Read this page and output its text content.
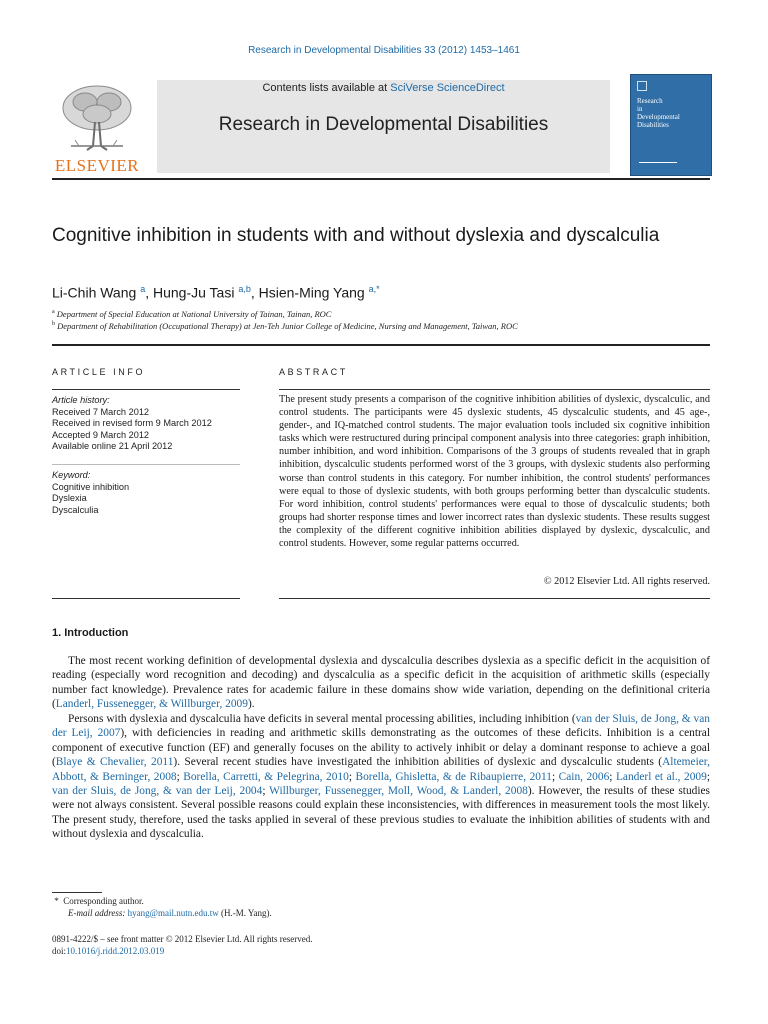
Research in Developmental Disabilities 33 (2012) 1453–1461
ELSEVIER
Contents lists available at SciVerse ScienceDirect
Research in Developmental Disabilities
Research
in
Developmental
Disabilities
Cognitive inhibition in students with and without dyslexia and dyscalculia
Li-Chih Wang $^a$, Hung-Ju Tasi $^{a,b}$, Hsien-Ming Yang $^{a,*}$
$^a$ Department of Special Education at National University of Tainan, Tainan, ROC
$^b$ Department of Rehabilitation (Occupational Therapy) at Jen-Teh Junior College of Medicine, Nursing and Management, Taiwan, ROC
ARTICLE INFO
Article history:
Received 7 March 2012
Received in revised form 9 March 2012
Accepted 9 March 2012
Available online 21 April 2012
Keyword:
Cognitive inhibition
Dyslexia
Dyscalculia
ABSTRACT
The present study presents a comparison of the cognitive inhibition abilities of dyslexic, dyscalculic, and control students. The participants were 45 dyslexic students, 45 dyscalculic students, and 45 age-, gender-, and IQ-matched control students. The major evaluation tools included six cognitive inhibition tasks which were restructured during principal component analysis into three categories: graph inhibition, number inhibition, and word inhibition. Comparisons of the 3 groups of students revealed that in graph inhibition, dyscalculic students performed worst of the 3 groups, with dyslexic students also performing worse than control students in this category. For number inhibition, the control students' performances were equal to those of dyslexic students, with both groups performing better than dyscalculic students. For word inhibition, control students' performances were equal to those of dyscalculic students; both groups had shorter response times and lower incorrect rates than dyslexic students. These results suggest the complexity of the different cognitive inhibition abilities displayed by dyslexic, dyscalculic, and control students. However, some regular patterns occurred.
© 2012 Elsevier Ltd. All rights reserved.
1. Introduction
The most recent working definition of developmental dyslexia and dyscalculia describes dyslexia as a specific deficit in the acquisition of reading (especially word recognition and decoding) and dyscalculia as a specific deficit in the acquisition of arithmetic skills (especially number fact knowledge). Prevalence rates for academic failure in these domains show wide variation, depending on the definitional criteria (Landerl, Fussenegger, & Willburger, 2009).
Persons with dyslexia and dyscalculia have deficits in several mental processing abilities, including inhibition (van der Sluis, de Jong, & van der Leij, 2007), with deficiencies in reading and arithmetic skills demonstrating as the outcomes of these deficits. Inhibition is a central component of executive function (EF) and generally focuses on the ability to actively inhibit or delay a dominant response to achieve a goal (Blaye & Chevalier, 2011). Several recent studies have investigated the inhibition abilities of dyslexic and dyscalculic students (Altemeier, Abbott, & Berninger, 2008; Borella, Carretti, & Pelegrina, 2010; Borella, Ghisletta, & de Ribaupierre, 2011; Cain, 2006; Landerl et al., 2009; van der Sluis, de Jong, & van der Leij, 2004; Willburger, Fussenegger, Moll, Wood, & Landerl, 2008). However, the results of these studies were not always consistent. Several possible reasons could explain these inconsistencies, with differences in measurement tools the most likely. The present study, therefore, used the tasks applied in several of these previous studies to evaluate the inhibition abilities of students with and without dyslexia and dyscalculia.
* Corresponding author.
E-mail address: hyang@mail.nutn.edu.tw (H.-M. Yang).
0891-4222/$ – see front matter © 2012 Elsevier Ltd. All rights reserved.
doi:10.1016/j.ridd.2012.03.019
